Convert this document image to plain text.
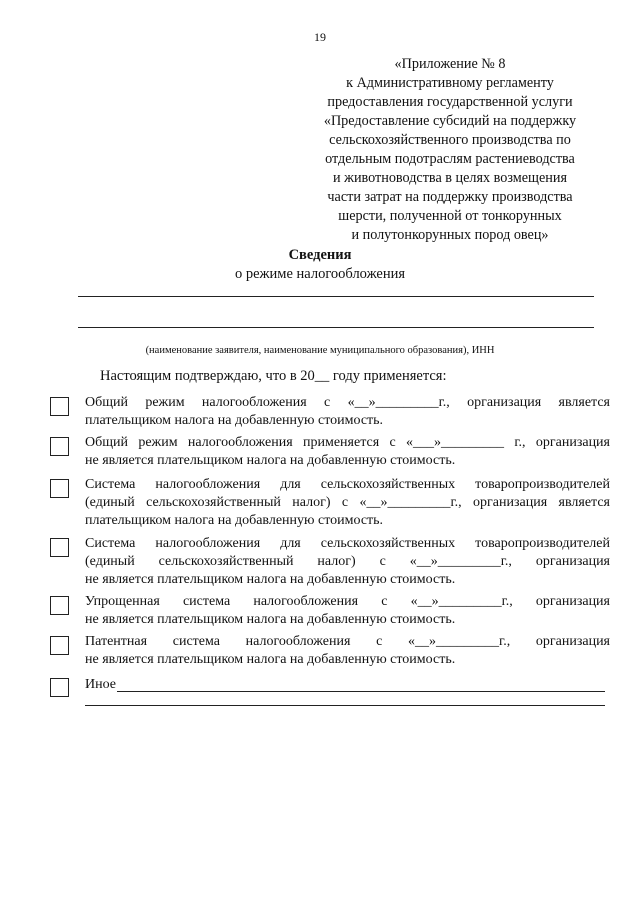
19
«Приложение № 8
к Административному регламенту
предоставления государственной услуги
«Предоставление субсидий на поддержку
сельскохозяйственного производства по
отдельным подотраслям растениеводства
и животноводства в целях возмещения
части затрат на поддержку производства
шерсти, полученной от тонкорунных
и полутонкорунных пород овец»
Сведения
о режиме налогообложения
(наименование заявителя, наименование муниципального образования), ИНН
Настоящим подтверждаю, что в 20__ году применяется:
Общий режим налогообложения с «__»_________г., организация является
плательщиком налога на добавленную стоимость.
Общий режим налогообложения применяется с «___»_________ г., организация
не является плательщиком налога на добавленную стоимость.
Система налогообложения для сельскохозяйственных товаропроизводителей
(единый сельскохозяйственный налог) с «__»_________г., организация является
плательщиком налога на добавленную стоимость.
Система налогообложения для сельскохозяйственных товаропроизводителей
(единый сельскохозяйственный налог) с «__»_________г., организация
не является плательщиком налога на добавленную стоимость.
Упрощенная система налогообложения с «__»_________г., организация
не является плательщиком налога на добавленную стоимость.
Патентная система налогообложения с «__»_________г., организация
не является плательщиком налога на добавленную стоимость.
Иное
